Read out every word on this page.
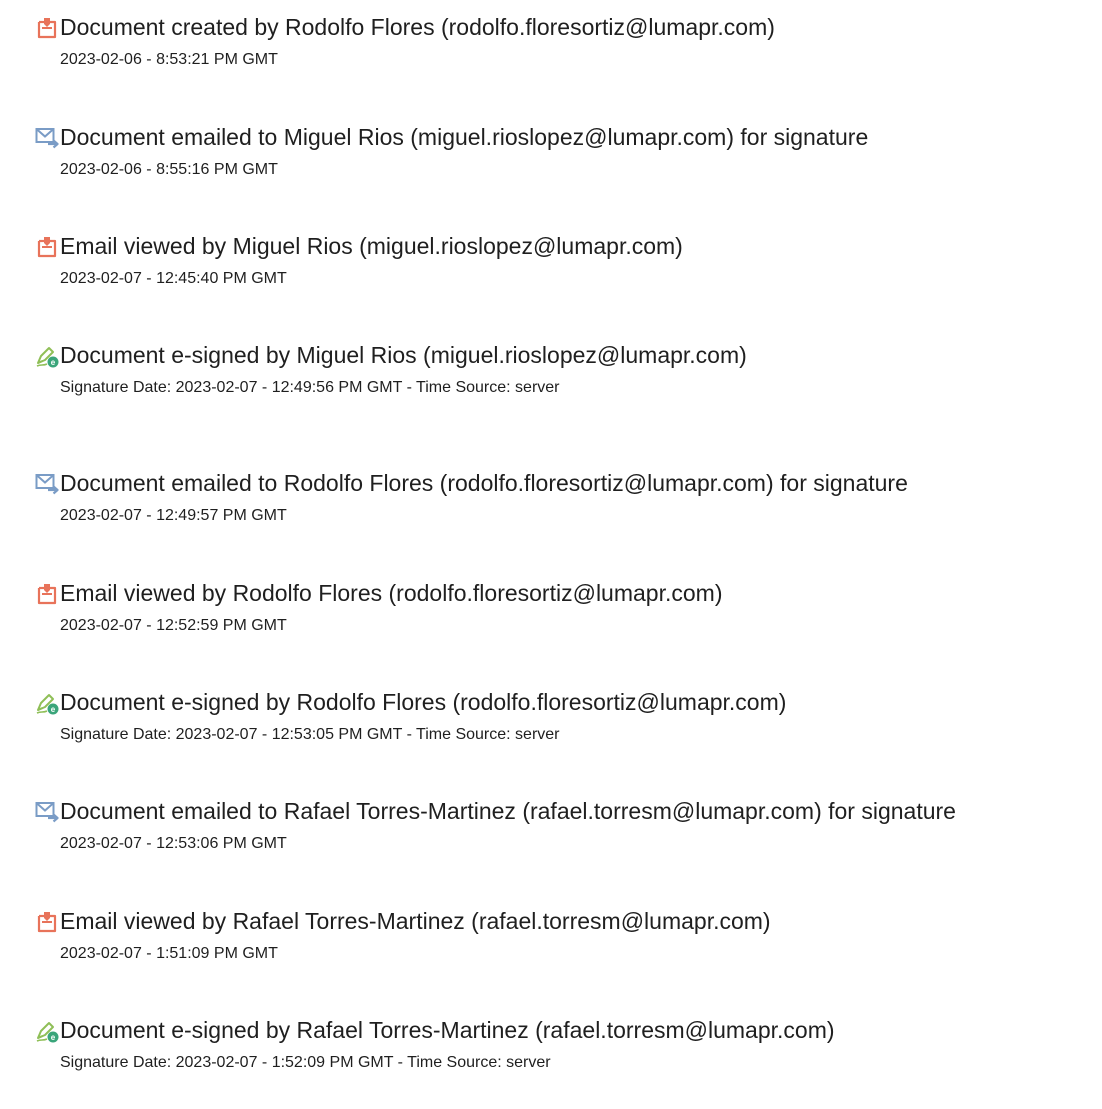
Document created by Rodolfo Flores (rodolfo.floresortiz@lumapr.com)
2023-02-06 - 8:53:21 PM GMT
Document emailed to Miguel Rios (miguel.rioslopez@lumapr.com) for signature
2023-02-06 - 8:55:16 PM GMT
Email viewed by Miguel Rios (miguel.rioslopez@lumapr.com)
2023-02-07 - 12:45:40 PM GMT
e Document e-signed by Miguel Rios (miguel.rioslopez@lumapr.com)
Signature Date: 2023-02-07 - 12:49:56 PM GMT - Time Source: server
Document emailed to Rodolfo Flores (rodolfo.floresortiz@lumapr.com) for signature
2023-02-07 - 12:49:57 PM GMT
Email viewed by Rodolfo Flores (rodolfo.floresortiz@lumapr.com)
2023-02-07 - 12:52:59 PM GMT
e Document e-signed by Rodolfo Flores (rodolfo.floresortiz@lumapr.com)
Signature Date: 2023-02-07 - 12:53:05 PM GMT - Time Source: server
Document emailed to Rafael Torres-Martinez (rafael.torresm@lumapr.com) for signature
2023-02-07 - 12:53:06 PM GMT
Email viewed by Rafael Torres-Martinez (rafael.torresm@lumapr.com)
2023-02-07 - 1:51:09 PM GMT
e Document e-signed by Rafael Torres-Martinez (rafael.torresm@lumapr.com)
Signature Date: 2023-02-07 - 1:52:09 PM GMT - Time Source: server
